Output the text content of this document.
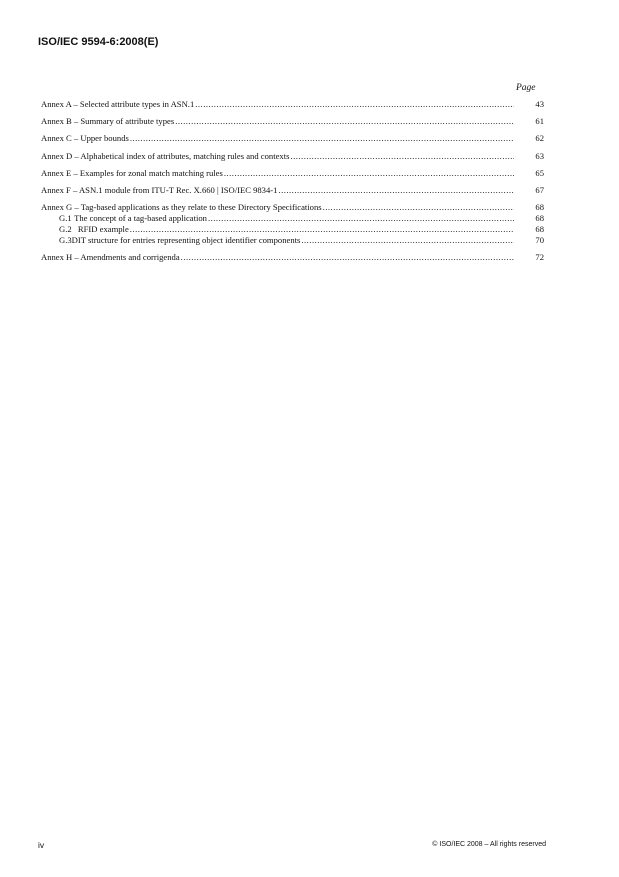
ISO/IEC 9594-6:2008(E)
Page
Annex A – Selected attribute types in ASN.1 .....	43
Annex B – Summary of attribute types .....	61
Annex C – Upper bounds .....	62
Annex D – Alphabetical index of attributes, matching rules and contexts .....	63
Annex E – Examples for zonal match matching rules .....	65
Annex F – ASN.1 module from ITU-T Rec. X.660 | ISO/IEC 9834-1 .....	67
Annex G – Tag-based applications as they relate to these Directory Specifications .....	68
G.1 The concept of a tag-based application .....	68
G.2 RFID example .....	68
G.3 DIT structure for entries representing object identifier components .....	70
Annex H – Amendments and corrigenda .....	72
iv	© ISO/IEC 2008 – All rights reserved
